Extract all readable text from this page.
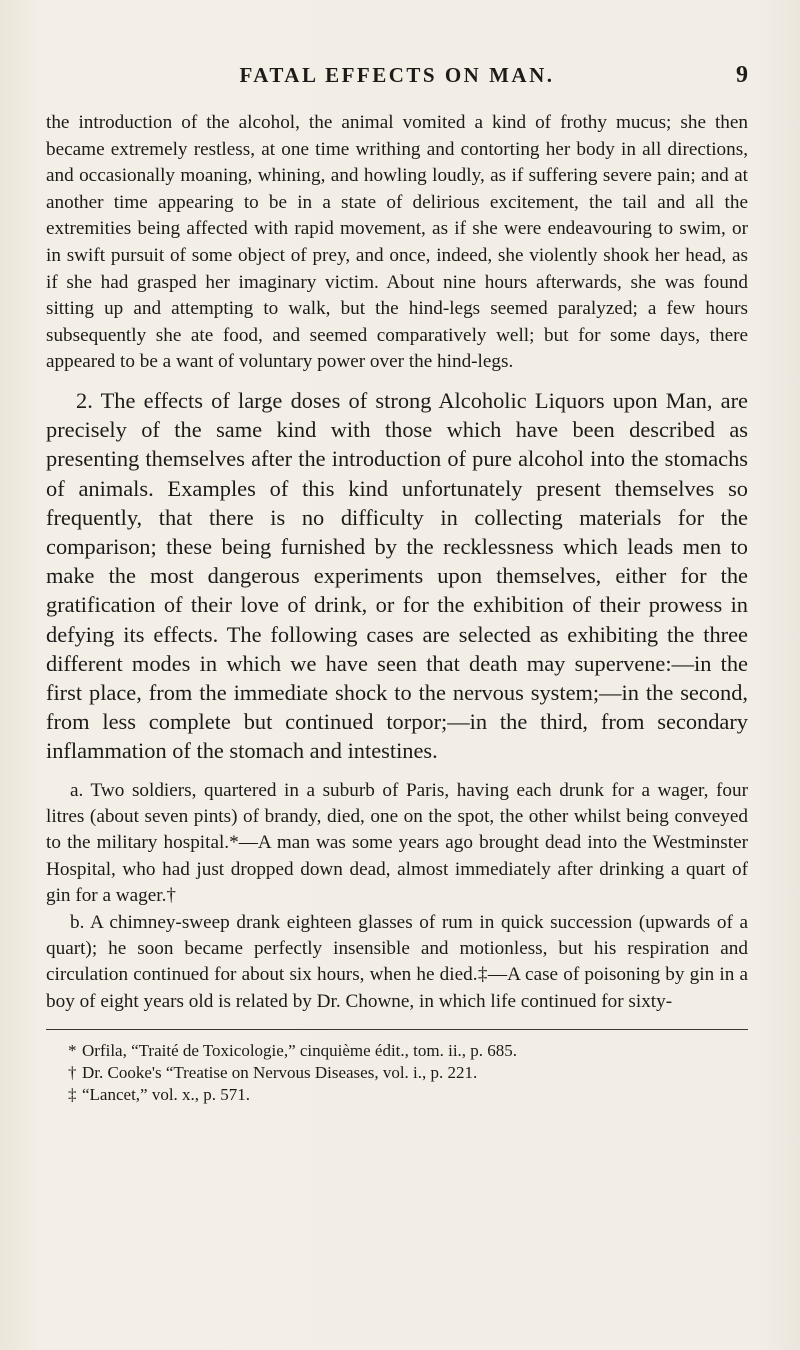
FATAL EFFECTS ON MAN.	9

the introduction of the alcohol, the animal vomited a kind of frothy mucus; she then became extremely restless, at one time writhing and contorting her body in all directions, and occasionally moaning, whining, and howling loudly, as if suffering severe pain; and at another time appearing to be in a state of delirious excitement, the tail and all the extremities being affected with rapid movement, as if she were endeavouring to swim, or in swift pursuit of some object of prey, and once, indeed, she violently shook her head, as if she had grasped her imaginary victim. About nine hours afterwards, she was found sitting up and attempting to walk, but the hind-legs seemed paralyzed; a few hours subsequently she ate food, and seemed comparatively well; but for some days, there appeared to be a want of voluntary power over the hind-legs.

2. The effects of large doses of strong Alcoholic Liquors upon Man, are precisely of the same kind with those which have been described as presenting themselves after the introduction of pure alcohol into the stomachs of animals. Examples of this kind unfortunately present themselves so frequently, that there is no difficulty in collecting materials for the comparison; these being furnished by the recklessness which leads men to make the most dangerous experiments upon themselves, either for the gratification of their love of drink, or for the exhibition of their prowess in defying its effects. The following cases are selected as exhibiting the three different modes in which we have seen that death may supervene:—in the first place, from the immediate shock to the nervous system;—in the second, from less complete but continued torpor;—in the third, from secondary inflammation of the stomach and intestines.

a. Two soldiers, quartered in a suburb of Paris, having each drunk for a wager, four litres (about seven pints) of brandy, died, one on the spot, the other whilst being conveyed to the military hospital.*—A man was some years ago brought dead into the Westminster Hospital, who had just dropped down dead, almost immediately after drinking a quart of gin for a wager.†

b. A chimney-sweep drank eighteen glasses of rum in quick succession (upwards of a quart); he soon became perfectly insensible and motionless, but his respiration and circulation continued for about six hours, when he died.‡—A case of poisoning by gin in a boy of eight years old is related by Dr. Chowne, in which life continued for sixty-

* Orfila, “Traité de Toxicologie,” cinquième édit., tom. ii., p. 685.

† Dr. Cooke's “Treatise on Nervous Diseases, vol. i., p. 221.

‡ “Lancet,” vol. x., p. 571.
